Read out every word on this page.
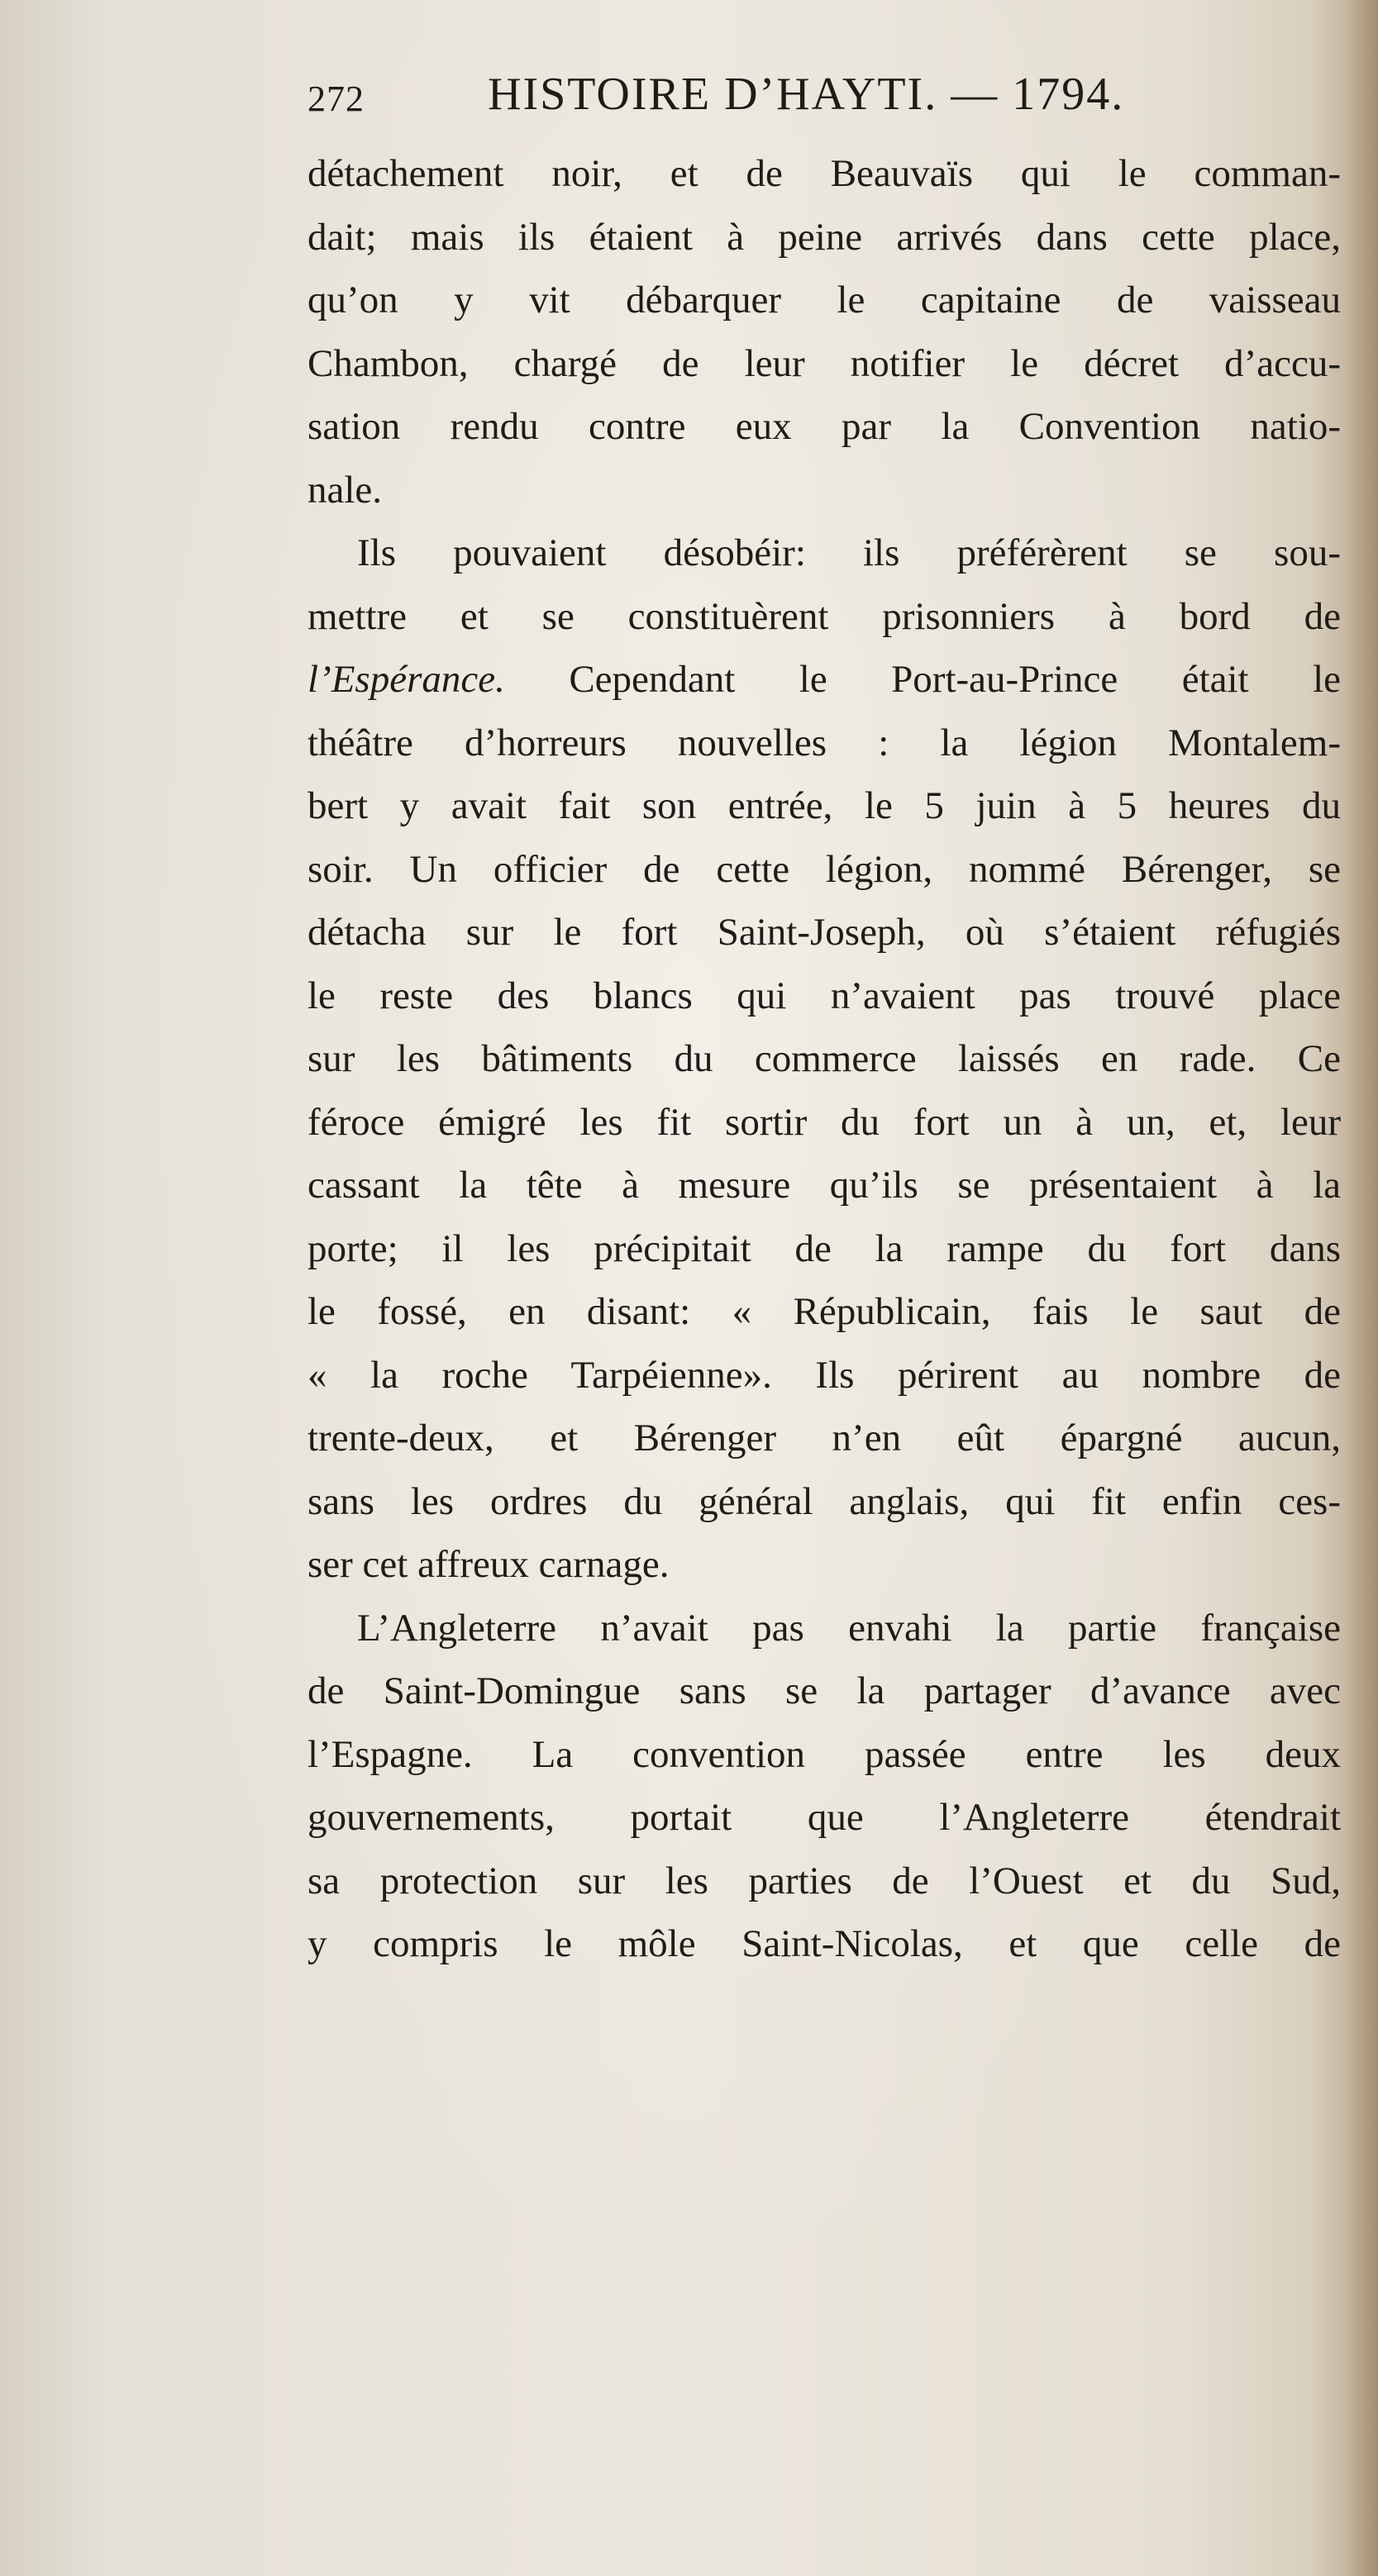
272	HISTOIRE D’HAYTI. — 1794.
détachement noir, et de Beauvaïs qui le comman-
dait; mais ils étaient à peine arrivés dans cette place,
qu’on y vit débarquer le capitaine de vaisseau
Chambon, chargé de leur notifier le décret d’accu-
sation rendu contre eux par la Convention natio-
nale.
Ils pouvaient désobéir: ils préférèrent se sou-
mettre et se constituèrent prisonniers à bord de
l’Espérance. Cependant le Port-au-Prince était le
théâtre d’horreurs nouvelles : la légion Montalem-
bert y avait fait son entrée, le 5 juin à 5 heures du
soir. Un officier de cette légion, nommé Bérenger, se
détacha sur le fort Saint-Joseph, où s’étaient réfugiés
le reste des blancs qui n’avaient pas trouvé place
sur les bâtiments du commerce laissés en rade. Ce
féroce émigré les fit sortir du fort un à un, et, leur
cassant la tête à mesure qu’ils se présentaient à la
porte; il les précipitait de la rampe du fort dans
le fossé, en disant: « Républicain, fais le saut de
« la roche Tarpéienne». Ils périrent au nombre de
trente-deux, et Bérenger n’en eût épargné aucun,
sans les ordres du général anglais, qui fit enfin ces-
ser cet affreux carnage.
L’Angleterre n’avait pas envahi la partie française
de Saint-Domingue sans se la partager d’avance avec
l’Espagne. La convention passée entre les deux
gouvernements, portait que l’Angleterre étendrait
sa protection sur les parties de l’Ouest et du Sud,
y compris le môle Saint-Nicolas, et que celle de
